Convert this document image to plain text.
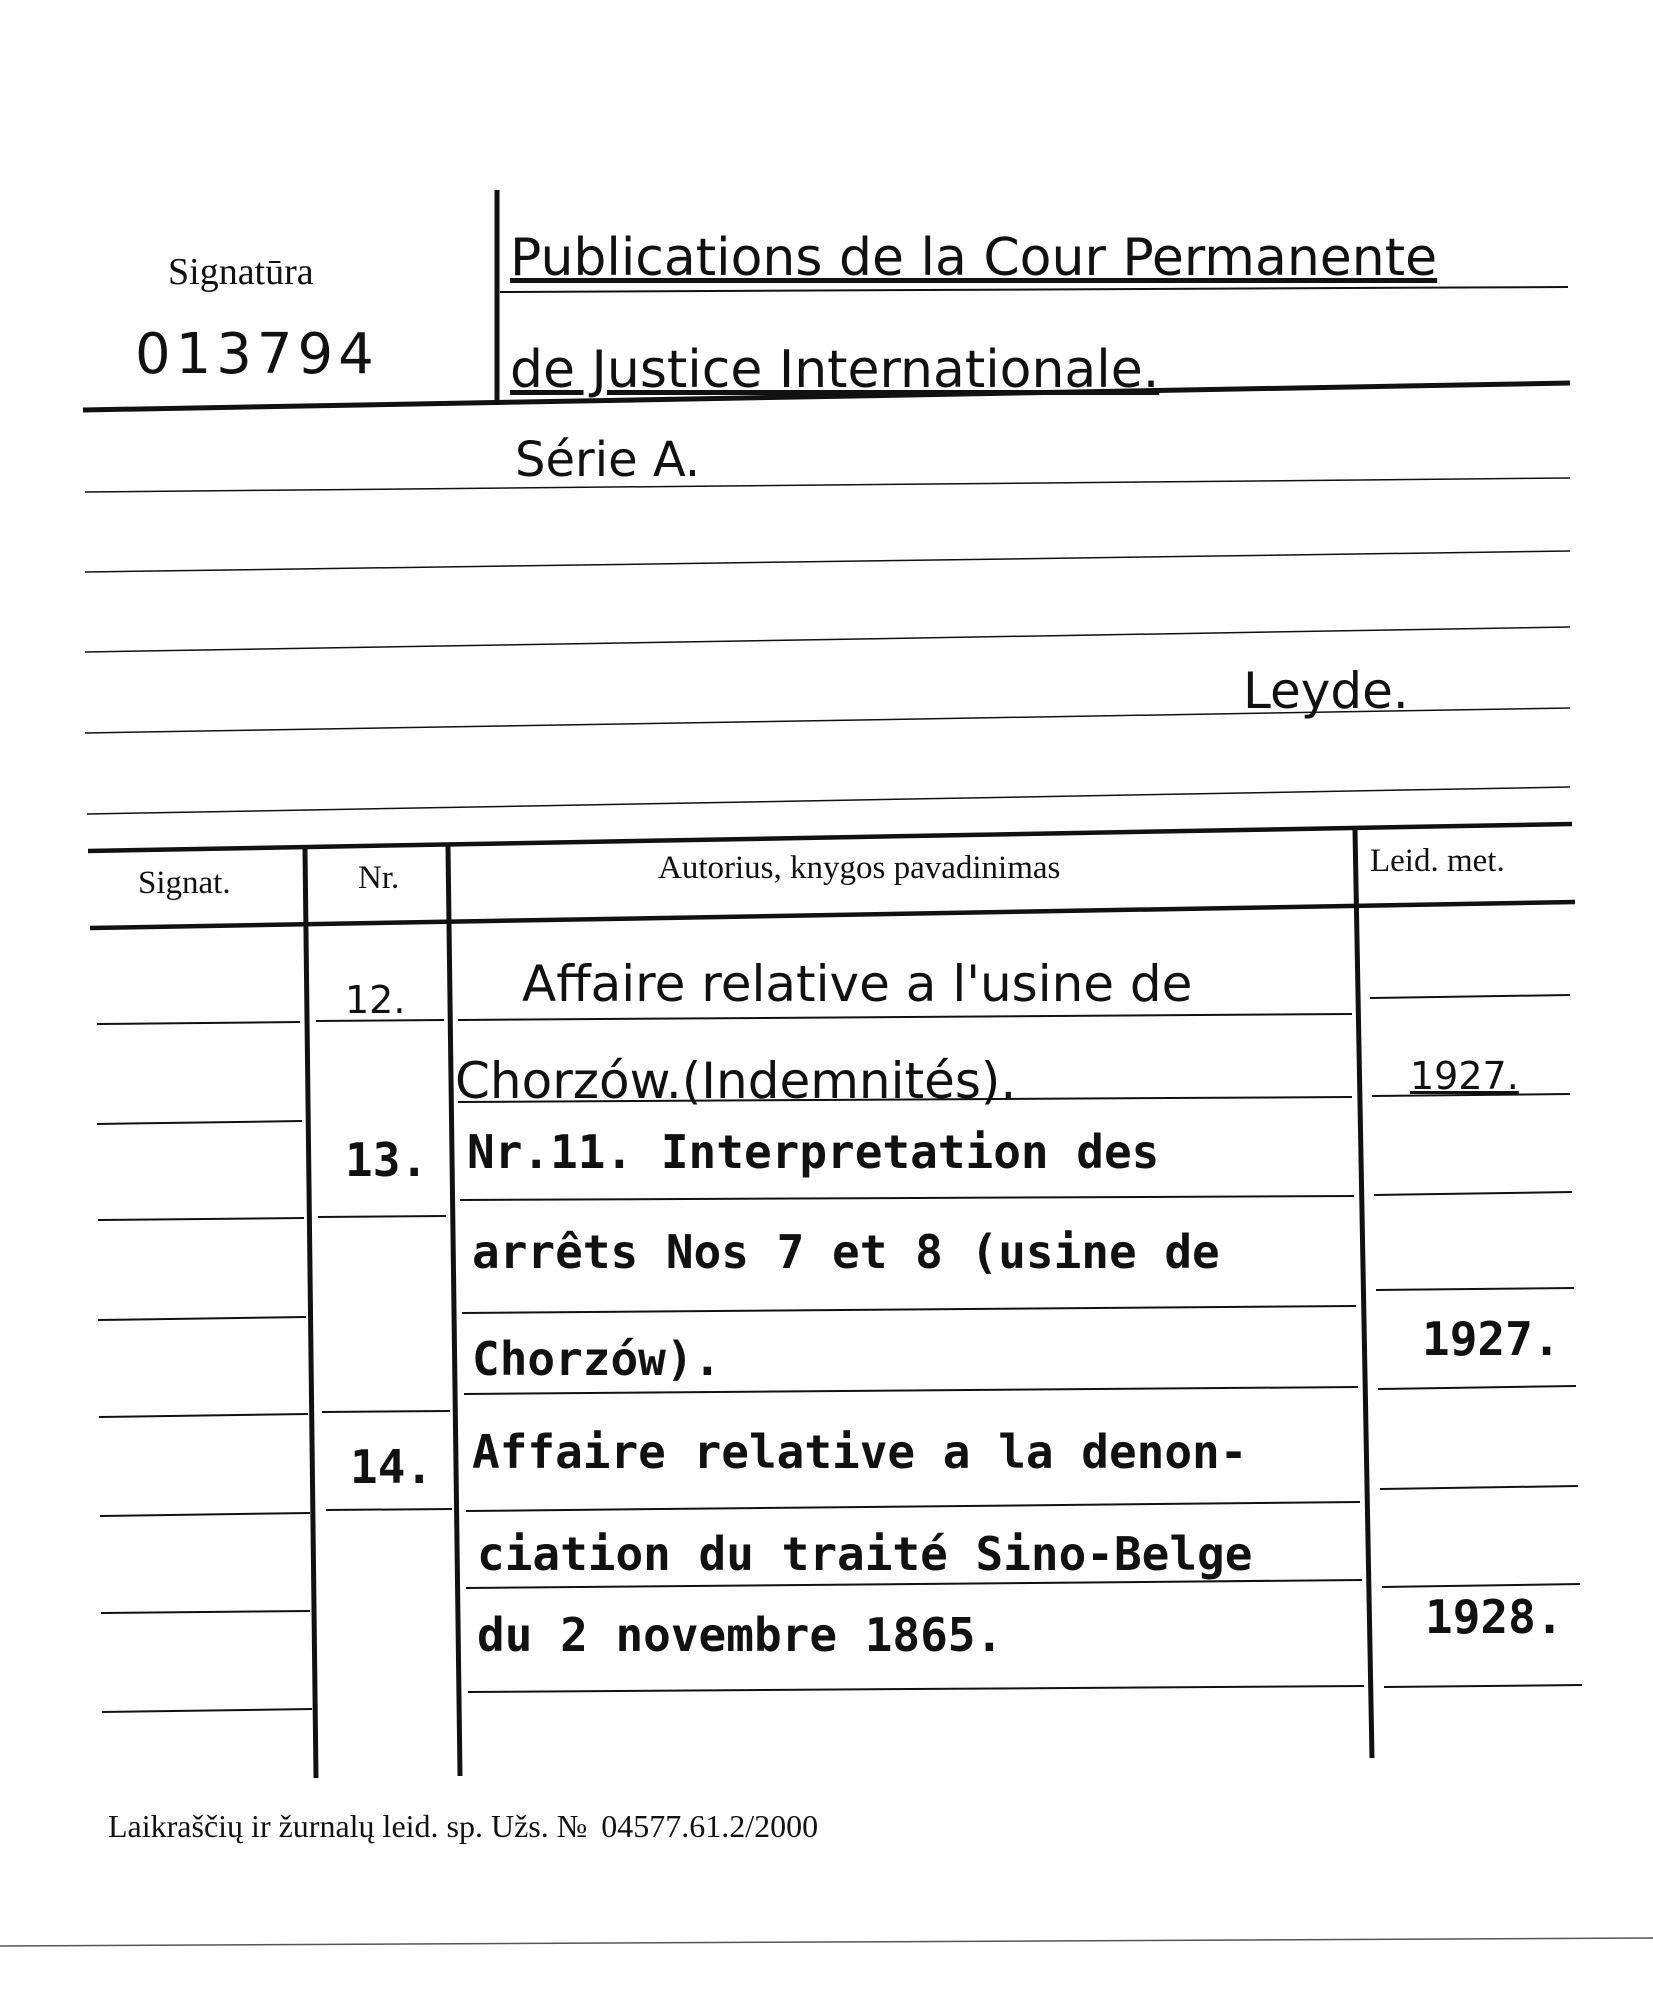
Signatūra
013794
Publications de la Cour Permanente
de Justice Internationale.
Série A.
Leyde.
Signat.	Nr.	Autorius, knygos pavadinimas	Leid. met.
12. Affaire relative a l'usine de
Chorzów.(Indemnités).	1927.
13. Nr.11. Interpretation des
arrêts Nos 7 et 8 (usine de
Chorzów).	1927.
14. Affaire relative a la denon-
ciation du traité Sino-Belge
du 2 novembre 1865.	1928.
Laikraščių ir žurnalų leid. sp. Užs. № 04577.61.2/2000
